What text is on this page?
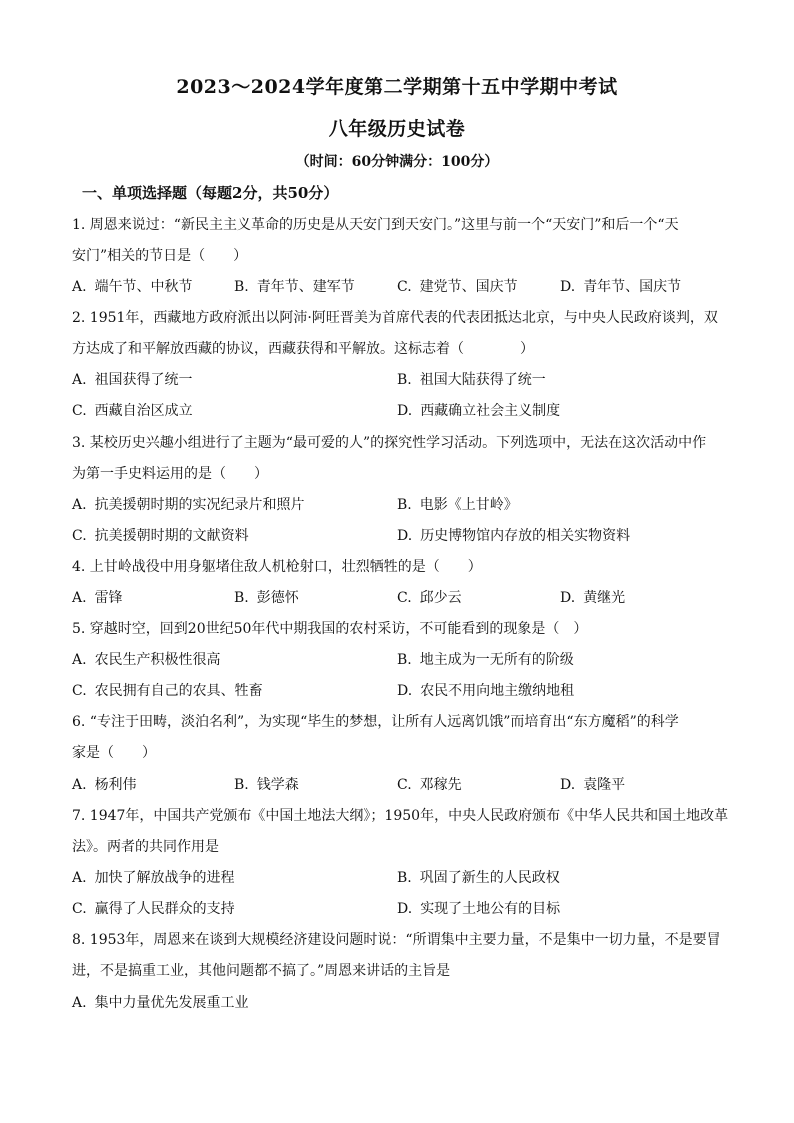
2023～2024学年度第二学期第十五中学期中考试
八年级历史试卷
（时间：60分钟满分：100分）
一、单项选择题（每题2分，共50分）
1. 周恩来说过：“新民主主义革命的历史是从天安门到天安门。”这里与前一个“天安门”和后一个“天
安门”相关的节日是（　　）
A. 端午节、中秋节	B. 青年节、建军节	C. 建党节、国庆节	D. 青年节、国庆节
2. 1951年，西藏地方政府派出以阿沛·阿旺晋美为首席代表的代表团抵达北京，与中央人民政府谈判，双
方达成了和平解放西藏的协议，西藏获得和平解放。这标志着（　　　　）
A. 祖国获得了统一	B. 祖国大陆获得了统一
C. 西藏自治区成立	D. 西藏确立社会主义制度
3. 某校历史兴趣小组进行了主题为“最可爱的人”的探究性学习活动。下列选项中，无法在这次活动中作
为第一手史料运用的是（　　）
A. 抗美援朝时期的实况纪录片和照片	B. 电影《上甘岭》
C. 抗美援朝时期的文献资料	D. 历史博物馆内存放的相关实物资料
4. 上甘岭战役中用身躯堵住敌人机枪射口，壮烈牺牲的是（　　）
A. 雷锋	B. 彭德怀	C. 邱少云	D. 黄继光
5. 穿越时空，回到20世纪50年代中期我国的农村采访，不可能看到的现象是（　）
A. 农民生产积极性很高	B. 地主成为一无所有的阶级
C. 农民拥有自己的农具、牲畜	D. 农民不用向地主缴纳地租
6. “专注于田畴，淡泊名利”，为实现“毕生的梦想，让所有人远离饥饿”而培育出“东方魔稻”的科学
家是（　　）
A. 杨利伟	B. 钱学森	C. 邓稼先	D. 袁隆平
7. 1947年，中国共产党颁布《中国土地法大纲》；1950年，中央人民政府颁布《中华人民共和国土地改革
法》。两者的共同作用是
A. 加快了解放战争的进程	B. 巩固了新生的人民政权
C. 赢得了人民群众的支持	D. 实现了土地公有的目标
8. 1953年，周恩来在谈到大规模经济建设问题时说：“所谓集中主要力量，不是集中一切力量，不是要冒
进，不是搞重工业，其他问题都不搞了。”周恩来讲话的主旨是
A. 集中力量优先发展重工业
